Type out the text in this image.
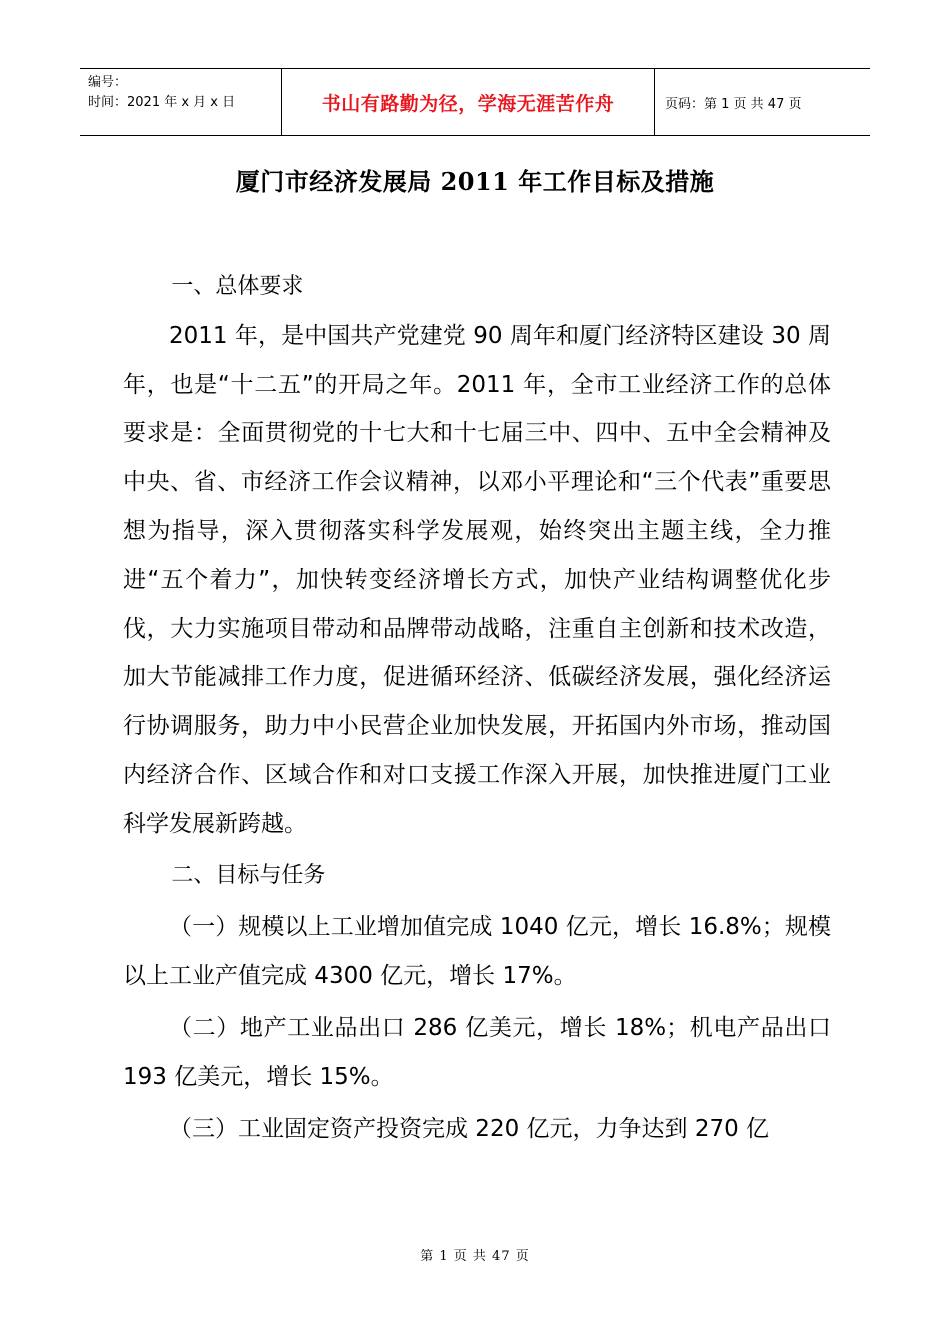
编号：
时间：2021 年 x 月 x 日	书山有路勤为径，学海无涯苦作舟	页码：第 1 页 共 47 页
厦门市经济发展局 2011 年工作目标及措施

一、总体要求

2011 年，是中国共产党建党 90 周年和厦门经济特区建设 30 周年，也是“十二五”的开局之年。2011 年，全市工业经济工作的总体要求是：全面贯彻党的十七大和十七届三中、四中、五中全会精神及中央、省、市经济工作会议精神，以邓小平理论和“三个代表”重要思想为指导，深入贯彻落实科学发展观，始终突出主题主线，全力推进“五个着力”，加快转变经济增长方式，加快产业结构调整优化步伐，大力实施项目带动和品牌带动战略，注重自主创新和技术改造，加大节能减排工作力度，促进循环经济、低碳经济发展，强化经济运行协调服务，助力中小民营企业加快发展，开拓国内外市场，推动国内经济合作、区域合作和对口支援工作深入开展，加快推进厦门工业科学发展新跨越。

二、目标与任务

（一）规模以上工业增加值完成 1040 亿元，增长 16.8%；规模以上工业产值完成 4300 亿元，增长 17%。

（二）地产工业品出口 286 亿美元，增长 18%；机电产品出口 193 亿美元，增长 15%。

（三）工业固定资产投资完成 220 亿元，力争达到 270 亿

第 1 页 共 47 页
